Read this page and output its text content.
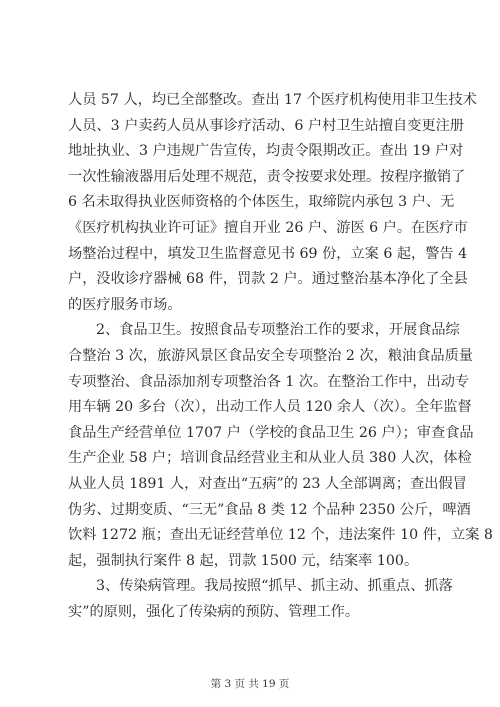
人员 57 人，均已全部整改。查出 17 个医疗机构使用非卫生技术
人员、3 户卖药人员从事诊疗活动、6 户村卫生站擅自变更注册
地址执业、3 户违规广告宣传，均责令限期改正。查出 19 户对
一次性输液器用后处理不规范，责令按要求处理。按程序撤销了
6 名未取得执业医师资格的个体医生，取缔院内承包 3 户、无
《医疗机构执业许可证》擅自开业 26 户、游医 6 户。在医疗市
场整治过程中，填发卫生监督意见书 69 份，立案 6 起，警告 4
户，没收诊疗器械 68 件，罚款 2 户。通过整治基本净化了全县
的医疗服务市场。
2、食品卫生。按照食品专项整治工作的要求，开展食品综
合整治 3 次，旅游风景区食品安全专项整治 2 次，粮油食品质量
专项整治、食品添加剂专项整治各 1 次。在整治工作中，出动专
用车辆 20 多台（次），出动工作人员 120 余人（次）。全年监督
食品生产经营单位 1707 户（学校的食品卫生 26 户）；审查食品
生产企业 58 户；培训食品经营业主和从业人员 380 人次，体检
从业人员 1891 人，对查出“五病”的 23 人全部调离；查出假冒
伪劣、过期变质、“三无”食品 8 类 12 个品种 2350 公斤，啤酒
饮料 1272 瓶；查出无证经营单位 12 个，违法案件 10 件，立案 8
起，强制执行案件 8 起，罚款 1500 元，结案率 100。
3、传染病管理。我局按照“抓早、抓主动、抓重点、抓落
实”的原则，强化了传染病的预防、管理工作。
第 3 页 共 19 页
